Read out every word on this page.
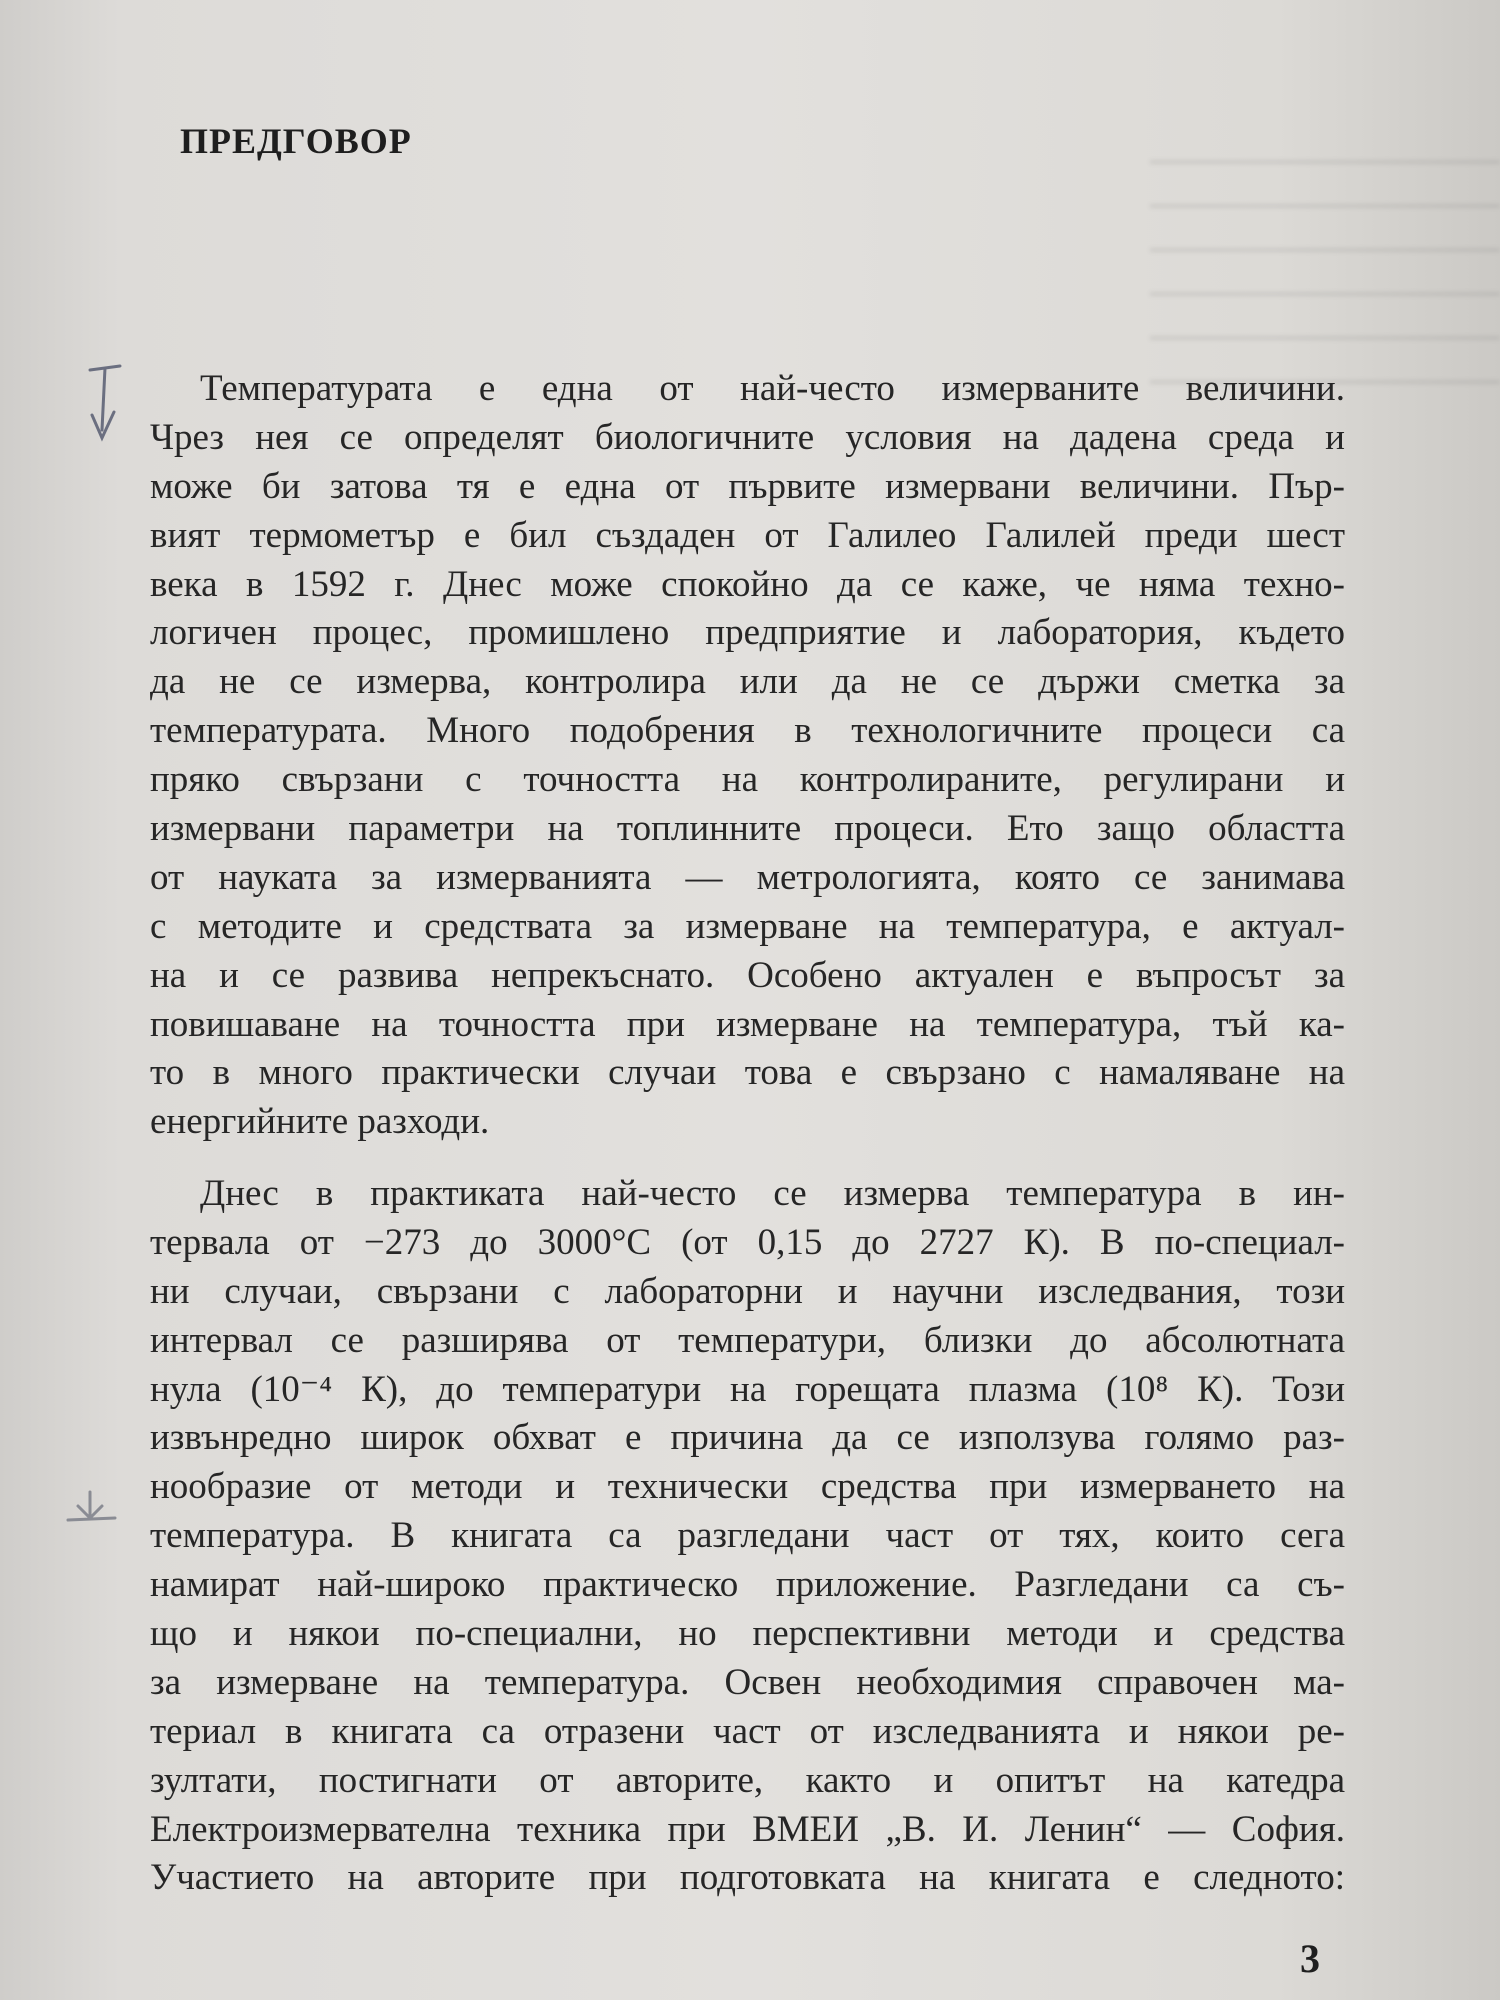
ПРЕДГОВОР
Температурата е една от най-често измерваните величини.
Чрез нея се определят биологичните условия на дадена среда и
може би затова тя е една от първите измервани величини. Пър-
вият термометър е бил създаден от Галилео Галилей преди шест
века в 1592 г. Днес може спокойно да се каже, че няма техно-
логичен процес, промишлено предприятие и лаборатория, където
да не се измерва, контролира или да не се държи сметка за
температурата. Много подобрения в технологичните процеси са
пряко свързани с точността на контролираните, регулирани и
измервани параметри на топлинните процеси. Ето защо областта
от науката за измерванията — метрологията, която се занимава
с методите и средствата за измерване на температура, е актуал-
на и се развива непрекъснато. Особено актуален е въпросът за
повишаване на точността при измерване на температура, тъй ка-
то в много практически случаи това е свързано с намаляване на
енергийните разходи.
Днес в практиката най-често се измерва температура в ин-
тервала от −273 до 3000°С (от 0,15 до 2727 К). В по-специал-
ни случаи, свързани с лабораторни и научни изследвания, този
интервал се разширява от температури, близки до абсолютната
нула (10⁻⁴ К), до температури на горещата плазма (10⁸ К). Този
извънредно широк обхват е причина да се използува голямо раз-
нообразие от методи и технически средства при измерването на
температура. В книгата са разгледани част от тях, които сега
намират най-широко практическо приложение. Разгледани са съ-
що и някои по-специални, но перспективни методи и средства
за измерване на температура. Освен необходимия справочен ма-
териал в книгата са отразени част от изследванията и някои ре-
зултати, постигнати от авторите, както и опитът на катедра
Електроизмервателна техника при ВМЕИ „В. И. Ленин“ — София.
Участието на авторите при подготовката на книгата е следното:
3
